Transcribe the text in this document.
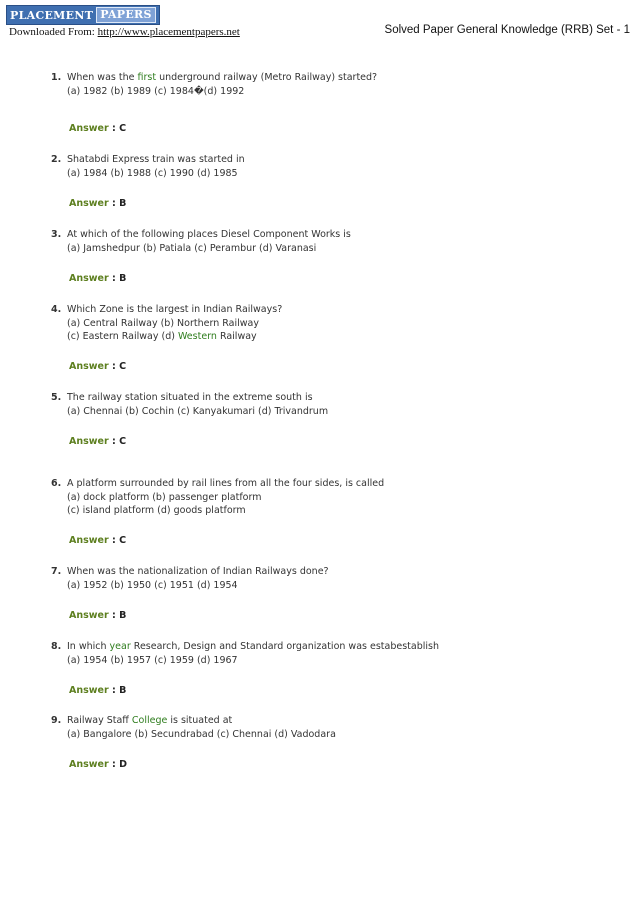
PLACEMENT PAPERS
Downloaded From: http://www.placementpapers.net	Solved Paper General Knowledge (RRB) Set - 1
1. When was the first underground railway (Metro Railway) started?
(a) 1982 (b) 1989 (c) 1984�(d) 1992
Answer : C
2. Shatabdi Express train was started in
(a) 1984 (b) 1988 (c) 1990 (d) 1985
Answer : B
3. At which of the following places Diesel Component Works is
(a) Jamshedpur (b) Patiala (c) Perambur (d) Varanasi
Answer : B
4. Which Zone is the largest in Indian Railways?
(a) Central Railway (b) Northern Railway
(c) Eastern Railway (d) Western Railway
Answer : C
5. The railway station situated in the extreme south is
(a) Chennai (b) Cochin (c) Kanyakumari (d) Trivandrum
Answer : C
6. A platform surrounded by rail lines from all the four sides, is called
(a) dock platform (b) passenger platform
(c) island platform (d) goods platform
Answer : C
7. When was the nationalization of Indian Railways done?
(a) 1952 (b) 1950 (c) 1951 (d) 1954
Answer : B
8. In which year Research, Design and Standard organization was estabestablish
(a) 1954 (b) 1957 (c) 1959 (d) 1967
Answer : B
9. Railway Staff College is situated at
(a) Bangalore (b) Secundrabad (c) Chennai (d) Vadodara
Answer : D
